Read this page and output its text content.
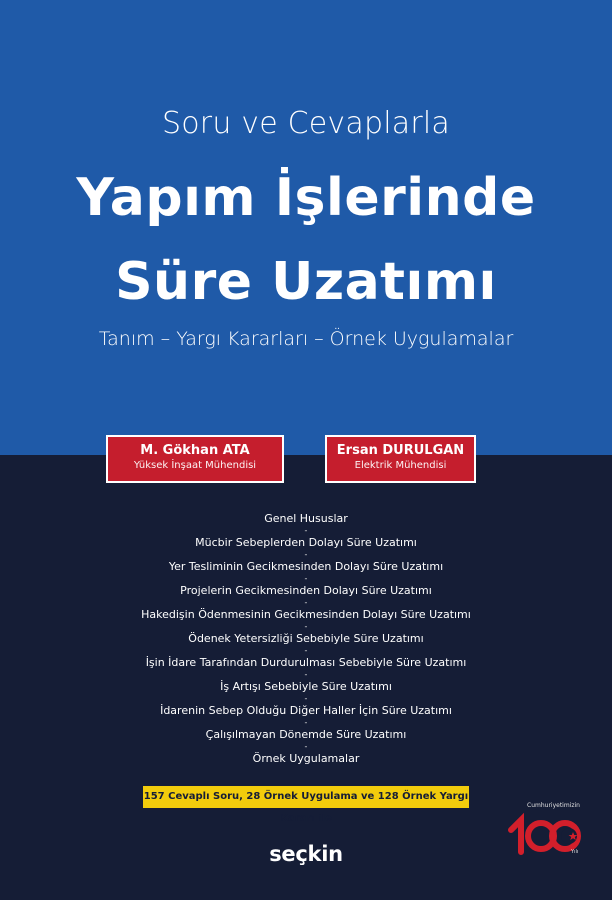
Soru ve Cevaplarla
Yapım İşlerinde
Süre Uzatımı
Tanım – Yargı Kararları – Örnek Uygulamalar
M. Gökhan ATA
Yüksek İnşaat Mühendisi
Ersan DURULGAN
Elektrik Mühendisi
Genel Hususlar
-
Mücbir Sebeplerden Dolayı Süre Uzatımı
-
Yer Tesliminin Gecikmesinden Dolayı Süre Uzatımı
-
Projelerin Gecikmesinden Dolayı Süre Uzatımı
-
Hakedişin Ödenmesinin Gecikmesinden Dolayı Süre Uzatımı
-
Ödenek Yetersizliği Sebebiyle Süre Uzatımı
-
İşin İdare Tarafından Durdurulması Sebebiyle Süre Uzatımı
-
İş Artışı Sebebiyle Süre Uzatımı
-
İdarenin Sebep Olduğu Diğer Haller İçin Süre Uzatımı
-
Çalışılmayan Dönemde Süre Uzatımı
-
Örnek Uygulamalar
157 Cevaplı Soru, 28 Örnek Uygulama ve 128 Örnek Yargı Kararı ile
seçkin
Cumhuriyetimizin
Yılı
